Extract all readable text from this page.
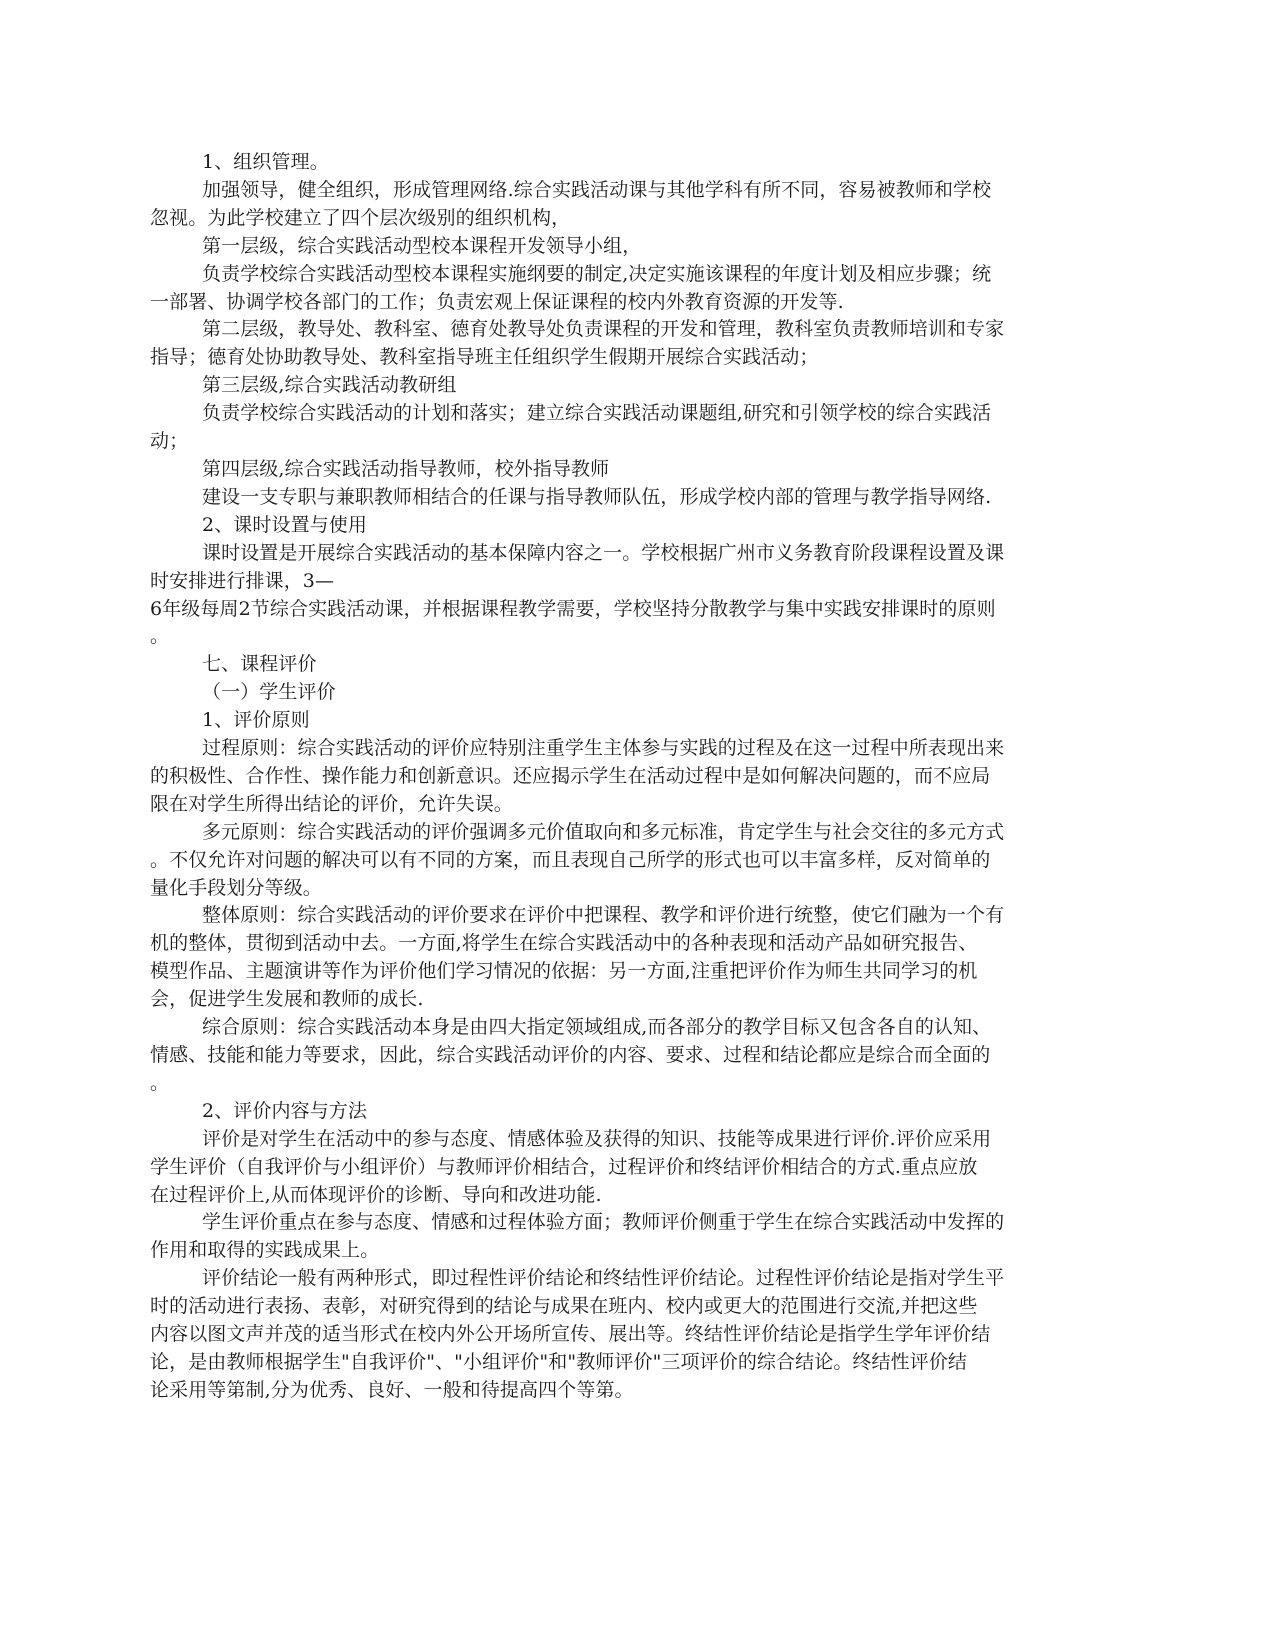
1、组织管理。
加强领导，健全组织，形成管理网络.综合实践活动课与其他学科有所不同，容易被教师和学校
忽视。为此学校建立了四个层次级别的组织机构，
第一层级，综合实践活动型校本课程开发领导小组，
负责学校综合实践活动型校本课程实施纲要的制定,决定实施该课程的年度计划及相应步骤；统
一部署、协调学校各部门的工作；负责宏观上保证课程的校内外教育资源的开发等.
第二层级，教导处、教科室、德育处教导处负责课程的开发和管理，教科室负责教师培训和专家
指导；德育处协助教导处、教科室指导班主任组织学生假期开展综合实践活动；
第三层级,综合实践活动教研组
负责学校综合实践活动的计划和落实；建立综合实践活动课题组,研究和引领学校的综合实践活
动；
第四层级,综合实践活动指导教师，校外指导教师
建设一支专职与兼职教师相结合的任课与指导教师队伍，形成学校内部的管理与教学指导网络.
2、课时设置与使用
课时设置是开展综合实践活动的基本保障内容之一。学校根据广州市义务教育阶段课程设置及课
时安排进行排课，3—
6年级每周2节综合实践活动课，并根据课程教学需要，学校坚持分散教学与集中实践安排课时的原则
。
七、课程评价
（一）学生评价
1、评价原则
过程原则：综合实践活动的评价应特别注重学生主体参与实践的过程及在这一过程中所表现出来
的积极性、合作性、操作能力和创新意识。还应揭示学生在活动过程中是如何解决问题的，而不应局
限在对学生所得出结论的评价，允许失误。
多元原则：综合实践活动的评价强调多元价值取向和多元标准，肯定学生与社会交往的多元方式
。不仅允许对问题的解决可以有不同的方案，而且表现自己所学的形式也可以丰富多样，反对简单的
量化手段划分等级。
整体原则：综合实践活动的评价要求在评价中把课程、教学和评价进行统整，使它们融为一个有
机的整体，贯彻到活动中去。一方面,将学生在综合实践活动中的各种表现和活动产品如研究报告、
模型作品、主题演讲等作为评价他们学习情况的依据：另一方面,注重把评价作为师生共同学习的机
会，促进学生发展和教师的成长.
综合原则：综合实践活动本身是由四大指定领域组成,而各部分的教学目标又包含各自的认知、
情感、技能和能力等要求，因此，综合实践活动评价的内容、要求、过程和结论都应是综合而全面的
。
2、评价内容与方法
评价是对学生在活动中的参与态度、情感体验及获得的知识、技能等成果进行评价.评价应采用
学生评价（自我评价与小组评价）与教师评价相结合，过程评价和终结评价相结合的方式.重点应放
在过程评价上,从而体现评价的诊断、导向和改进功能.
学生评价重点在参与态度、情感和过程体验方面；教师评价侧重于学生在综合实践活动中发挥的
作用和取得的实践成果上。
评价结论一般有两种形式，即过程性评价结论和终结性评价结论。过程性评价结论是指对学生平
时的活动进行表扬、表彰，对研究得到的结论与成果在班内、校内或更大的范围进行交流,并把这些
内容以图文声并茂的适当形式在校内外公开场所宣传、展出等。终结性评价结论是指学生学年评价结
论，是由教师根据学生"自我评价"、"小组评价"和"教师评价"三项评价的综合结论。终结性评价结
论采用等第制,分为优秀、良好、一般和待提高四个等第。
